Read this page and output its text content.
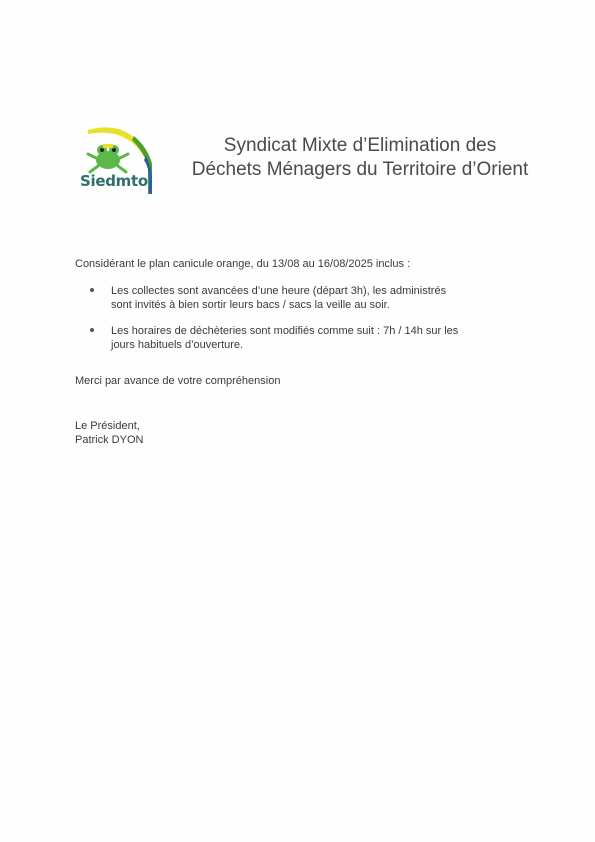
Siedmto
Syndicat Mixte d’Elimination des
Déchets Ménagers du Territoire d’Orient
Considérant le plan canicule orange, du 13/08 au 16/08/2025 inclus :
Les collectes sont avancées d’une heure (départ 3h), les administrés
sont invités à bien sortir leurs bacs / sacs la veille au soir.
Les horaires de déchèteries sont modifiés comme suit : 7h / 14h sur les
jours habituels d’ouverture.
Merci par avance de votre compréhension
Le Président,
Patrick DYON
